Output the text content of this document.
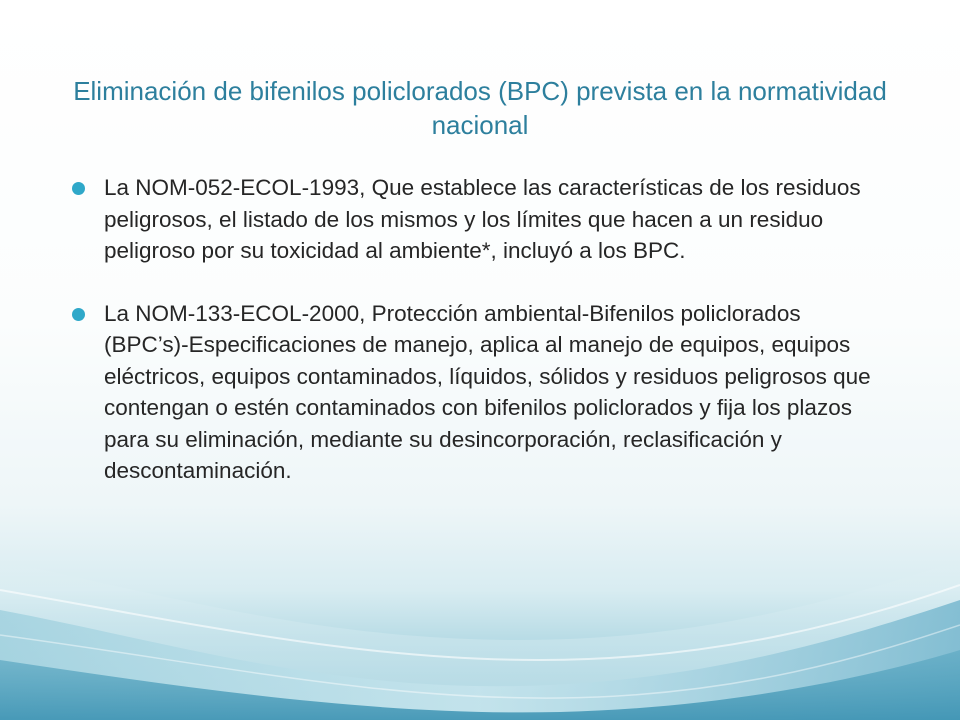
Eliminación de bifenilos policlorados (BPC) prevista en la normatividad nacional
La NOM-052-ECOL-1993, Que establece las características de los residuos peligrosos, el listado de los mismos y los límites que hacen a un residuo peligroso por su toxicidad al ambiente*, incluyó a los BPC.
La NOM-133-ECOL-2000, Protección ambiental-Bifenilos policlorados (BPC’s)-Especificaciones de manejo, aplica al manejo de equipos, equipos eléctricos, equipos contaminados, líquidos, sólidos y residuos peligrosos que contengan o estén contaminados con bifenilos policlorados y fija los plazos para su eliminación, mediante su desincorporación, reclasificación y descontaminación.
